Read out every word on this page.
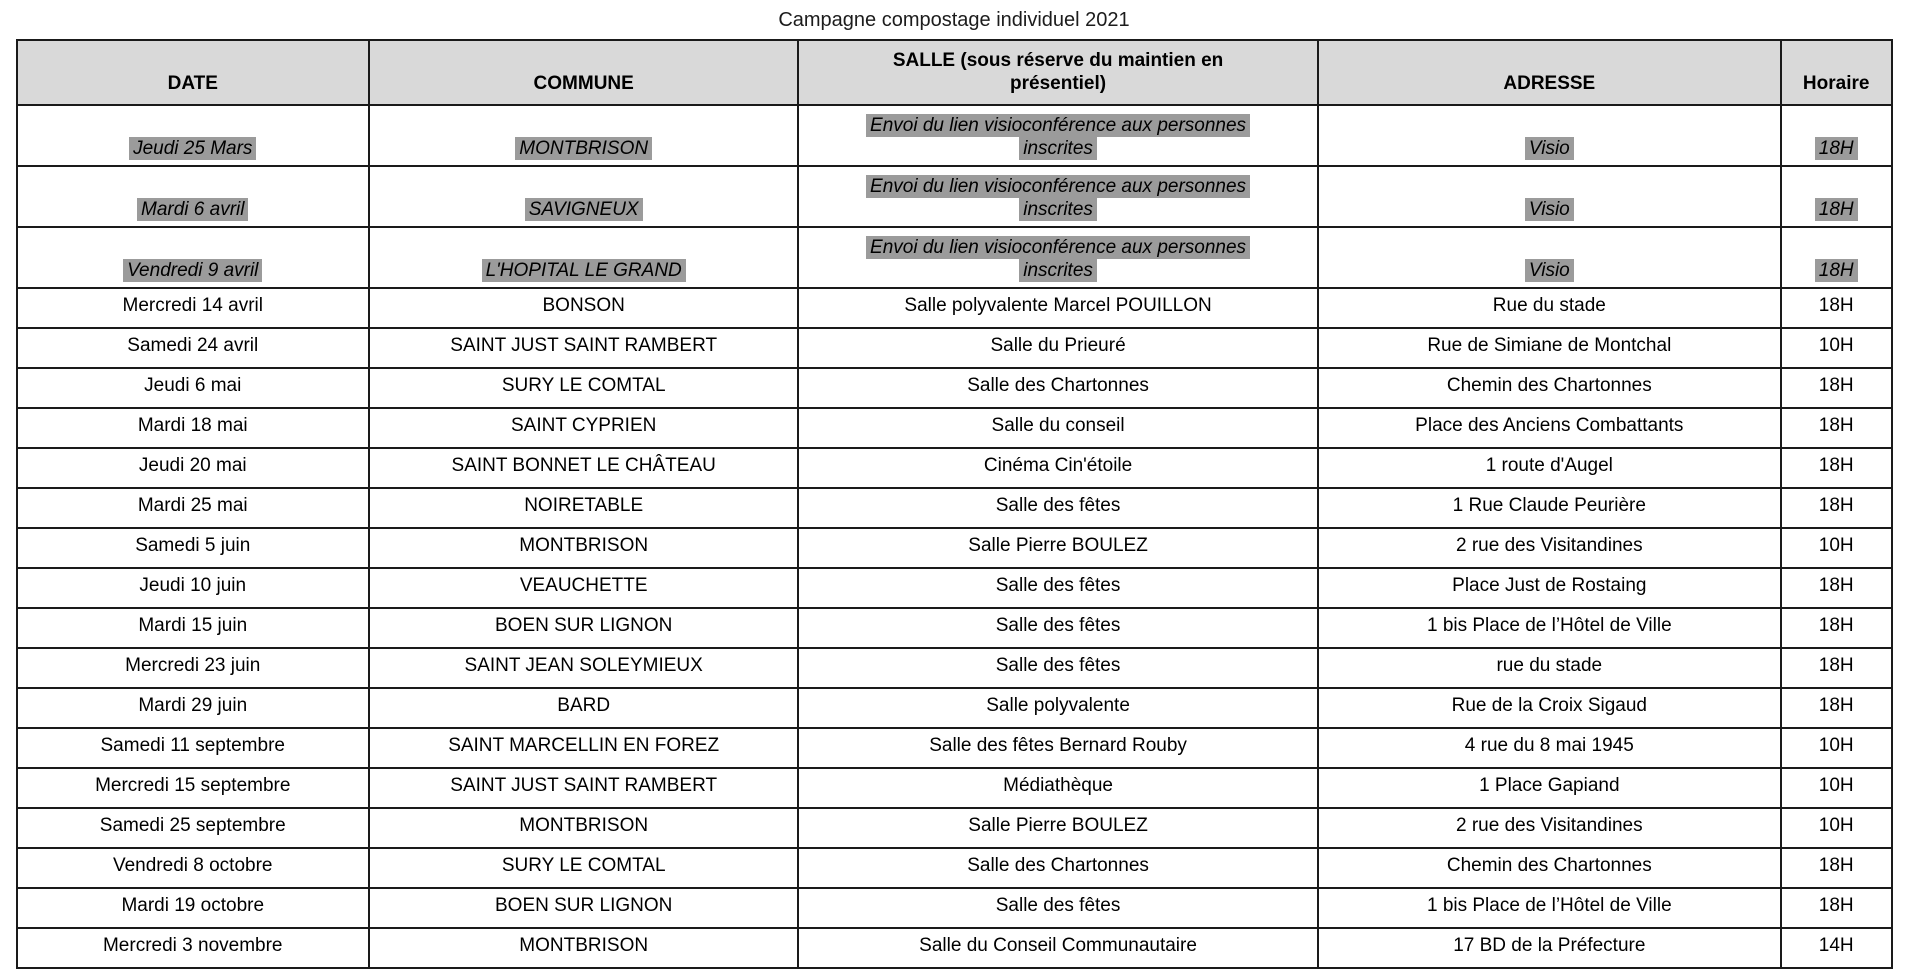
Campagne compostage individuel 2021
DATE	COMMUNE	SALLE (sous réserve du maintien en présentiel)	ADRESSE	Horaire
Jeudi 25 Mars	MONTBRISON	Envoi du lien visioconférence aux personnes inscrites	Visio	18H
Mardi 6 avril	SAVIGNEUX	Envoi du lien visioconférence aux personnes inscrites	Visio	18H
Vendredi 9 avril	L'HOPITAL LE GRAND	Envoi du lien visioconférence aux personnes inscrites	Visio	18H
Mercredi 14 avril	BONSON	Salle polyvalente Marcel POUILLON	Rue du stade	18H
Samedi 24 avril	SAINT JUST SAINT RAMBERT	Salle du Prieuré	Rue de Simiane de Montchal	10H
Jeudi 6 mai	SURY LE COMTAL	Salle des Chartonnes	Chemin des Chartonnes	18H
Mardi 18 mai	SAINT CYPRIEN	Salle du conseil	Place des Anciens Combattants	18H
Jeudi 20 mai	SAINT BONNET LE CHÂTEAU	Cinéma Cin'étoile	1 route d'Augel	18H
Mardi 25 mai	NOIRETABLE	Salle des fêtes	1 Rue Claude Peurière	18H
Samedi 5 juin	MONTBRISON	Salle Pierre BOULEZ	2 rue des Visitandines	10H
Jeudi 10 juin	VEAUCHETTE	Salle des fêtes	Place Just de Rostaing	18H
Mardi 15 juin	BOEN SUR LIGNON	Salle des fêtes	1 bis Place de l’Hôtel de Ville	18H
Mercredi 23 juin	SAINT JEAN SOLEYMIEUX	Salle des fêtes	rue du stade	18H
Mardi 29 juin	BARD	Salle polyvalente	Rue de la Croix Sigaud	18H
Samedi 11 septembre	SAINT MARCELLIN EN FOREZ	Salle des fêtes Bernard Rouby	4 rue du 8 mai 1945	10H
Mercredi 15 septembre	SAINT JUST SAINT RAMBERT	Médiathèque	1 Place Gapiand	10H
Samedi 25 septembre	MONTBRISON	Salle Pierre BOULEZ	2 rue des Visitandines	10H
Vendredi 8 octobre	SURY LE COMTAL	Salle des Chartonnes	Chemin des Chartonnes	18H
Mardi 19 octobre	BOEN SUR LIGNON	Salle des fêtes	1 bis Place de l’Hôtel de Ville	18H
Mercredi 3 novembre	MONTBRISON	Salle du Conseil Communautaire	17 BD de la Préfecture	14H
